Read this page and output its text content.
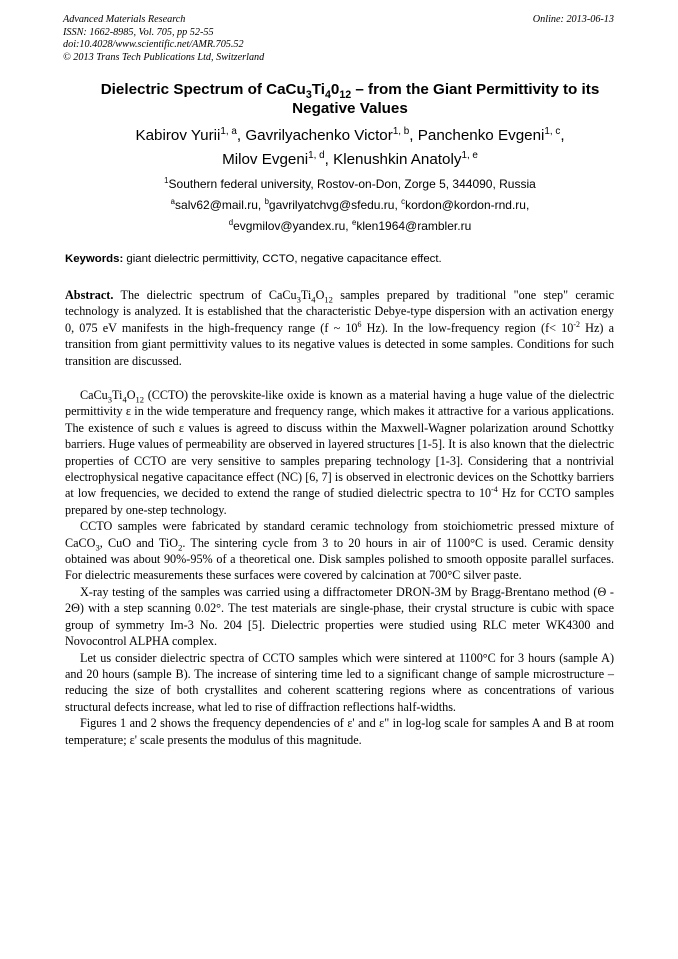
Advanced Materials Research
ISSN: 1662-8985, Vol. 705, pp 52-55
doi:10.4028/www.scientific.net/AMR.705.52
© 2013 Trans Tech Publications Ltd, Switzerland
Online: 2013-06-13
Dielectric Spectrum of $CaCu_3Ti_40_{12}$ – from the Giant Permittivity to its Negative Values
Kabirov Yurii$^{1, a}$, Gavrilyachenko Victor$^{1, b}$, Panchenko Evgeni$^{1, c}$,
Milov Evgeni$^{1, d}$, Klenushkin Anatoly$^{1, e}$
$^1$Southern federal university, Rostov-on-Don, Zorge 5, 344090, Russia
$^a$salv62@mail.ru, $^b$gavrilyatchvg@sfedu.ru, $^c$kordon@kordon-rnd.ru,
$^d$evgmilov@yandex.ru, $^e$klen1964@rambler.ru
Keywords: giant dielectric permittivity, CCTO, negative capacitance effect.

Abstract. The dielectric spectrum of $CaCu_3Ti_4O_{12}$ samples prepared by traditional "one step" ceramic technology is analyzed. It is established that the characteristic Debye-type dispersion with an activation energy 0, 075 eV manifests in the high-frequency range (f ~ $10^6$ Hz). In the low-frequency region ($f< 10^{-2}$ Hz) a transition from giant permittivity values to its negative values is detected in some samples. Conditions for such transition are discussed.

$CaCu_3Ti_4O_{12}$ (CCTO) the perovskite-like oxide is known as a material having a huge value of the dielectric permittivity ε in the wide temperature and frequency range, which makes it attractive for a various applications. The existence of such ε values is agreed to discuss within the Maxwell-Wagner polarization around Schottky barriers. Huge values of permeability are observed in layered structures [1-5]. It is also known that the dielectric properties of CCTO are very sensitive to samples preparing technology [1-3]. Considering that a nontrivial electrophysical negative capacitance effect (NC) [6, 7] is observed in electronic devices on the Schottky barriers at low frequencies, we decided to extend the range of studied dielectric spectra to $10^{-4}$ Hz for CCTO samples prepared by one-step technology.

CCTO samples were fabricated by standard ceramic technology from stoichiometric pressed mixture of CaCO$_3$, CuO and TiO$_2$. The sintering cycle from 3 to 20 hours in air of 1100°C is used. Ceramic density obtained was about 90%-95% of a theoretical one. Disk samples polished to smooth opposite parallel surfaces. For dielectric measurements these surfaces were covered by calcination at 700°C silver paste.

X-ray testing of the samples was carried using a diffractometer DRON-3M by Bragg-Brentano method (Θ - 2Θ) with a step scanning 0.02°. The test materials are single-phase, their crystal structure is cubic with space group of symmetry Im-3 No. 204 [5]. Dielectric properties were studied using RLC meter WK4300 and Novocontrol ALPHA complex.

Let us consider dielectric spectra of CCTO samples which were sintered at 1100°C for 3 hours (sample A) and 20 hours (sample B). The increase of sintering time led to a significant change of sample microstructure – reducing the size of both crystallites and coherent scattering regions where as concentrations of various structural defects increase, what led to rise of diffraction reflections half-widths.

Figures 1 and 2 shows the frequency dependencies of ε' and ε" in log-log scale for samples A and B at room temperature; ε' scale presents the modulus of this magnitude.
